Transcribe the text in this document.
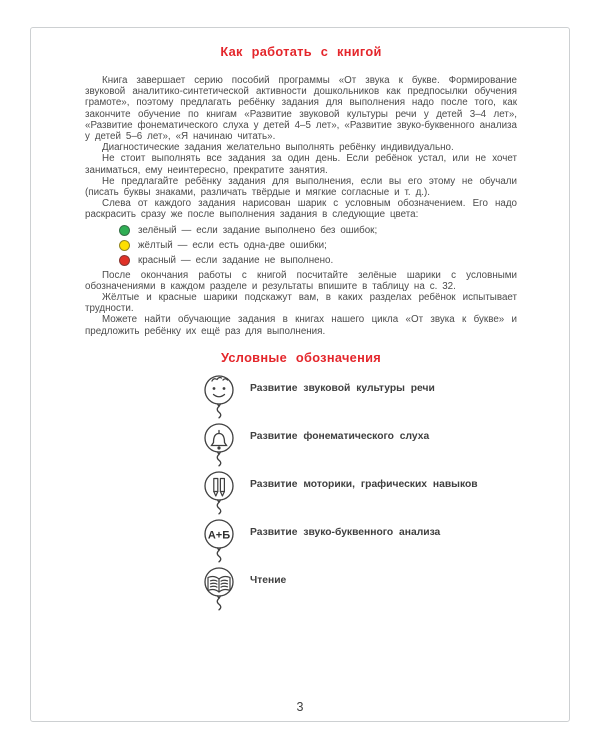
Как работать с книгой

Книга завершает серию пособий программы «От звука к букве. Формирование звуковой аналитико-синтетической активности дошкольников как предпосылки обучения грамоте», поэтому предлагать ребёнку задания для выполнения надо после того, как закончите обучение по книгам «Развитие звуковой культуры речи у детей 3–4 лет», «Развитие фонематического слуха у детей 4–5 лет», «Развитие звуко-буквенного анализа у детей 5–6 лет», «Я начинаю читать».

Диагностические задания желательно выполнять ребёнку индивидуально.

Не стоит выполнять все задания за один день. Если ребёнок устал, или не хочет заниматься, ему неинтересно, прекратите занятия.

Не предлагайте ребёнку задания для выполнения, если вы его этому не обучали (писать буквы знаками, различать твёрдые и мягкие согласные и т. д.).

Слева от каждого задания нарисован шарик с условным обозначением. Его надо раскрасить сразу же после выполнения задания в следующие цвета:

зелёный — если задание выполнено без ошибок;
жёлтый — если есть одна-две ошибки;
красный — если задание не выполнено.

После окончания работы с книгой посчитайте зелёные шарики с условными обозначениями в каждом разделе и результаты впишите в таблицу на с. 32.

Жёлтые и красные шарики подскажут вам, в каких разделах ребёнок испытывает трудности.

Можете найти обучающие задания в книгах нашего цикла «От звука к букве» и предложить ребёнку их ещё раз для выполнения.

Условные обозначения
Развитие звуковой культуры речи
Развитие фонематического слуха
Развитие моторики, графических навыков
А+Б Развитие звуко-буквенного анализа
Чтение
3
